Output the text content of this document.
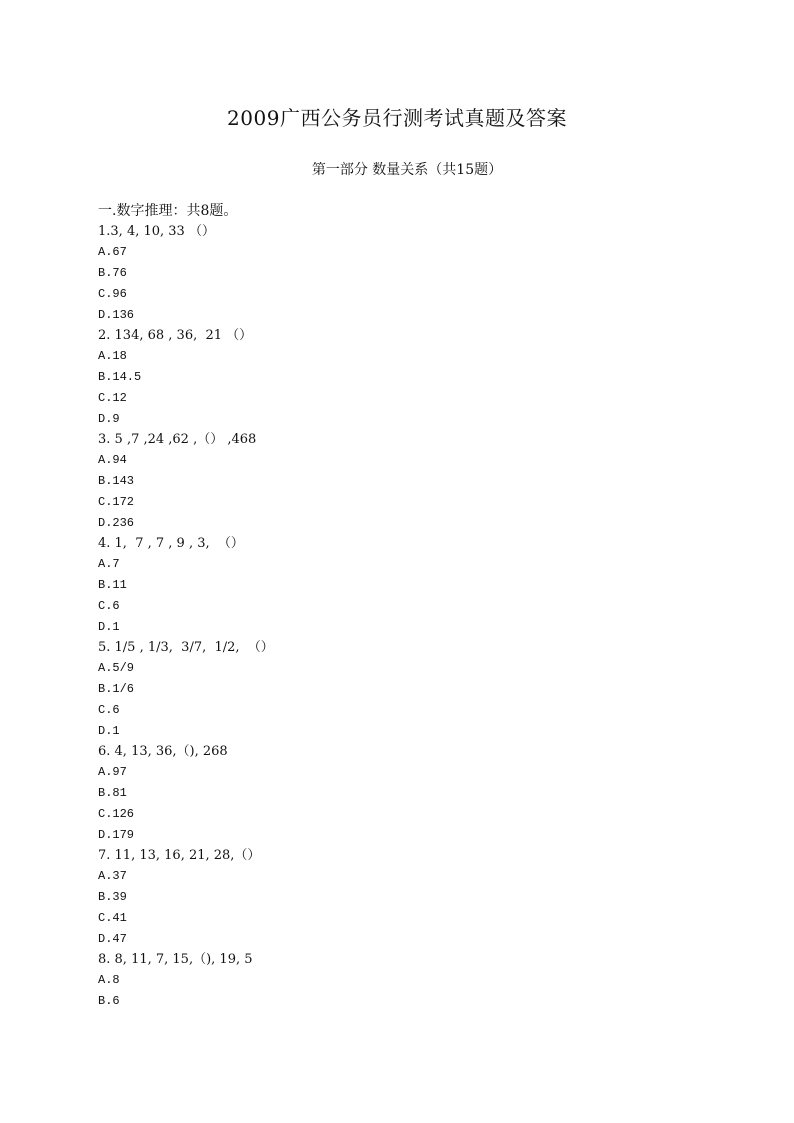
2009广西公务员行测考试真题及答案
第一部分 数量关系（共15题）
一.数字推理：共8题。
1.3, 4, 10, 33 （）
A.67
B.76
C.96
D.136
2. 134, 68 , 36,  21 （）
A.18
B.14.5
C.12
D.9
3. 5 ,7 ,24 ,62 ,（） ,468
A.94
B.143
C.172
D.236
4. 1,  7 , 7 , 9 , 3,  （）
A.7
B.11
C.6
D.1
5. 1/5 , 1/3,  3/7,  1/2,  （）
A.5/9
B.1/6
C.6
D.1
6. 4, 13, 36,（), 268
A.97
B.81
C.126
D.179
7. 11, 13, 16, 21, 28,（）
A.37
B.39
C.41
D.47
8. 8, 11, 7, 15,（), 19, 5
A.8
B.6
